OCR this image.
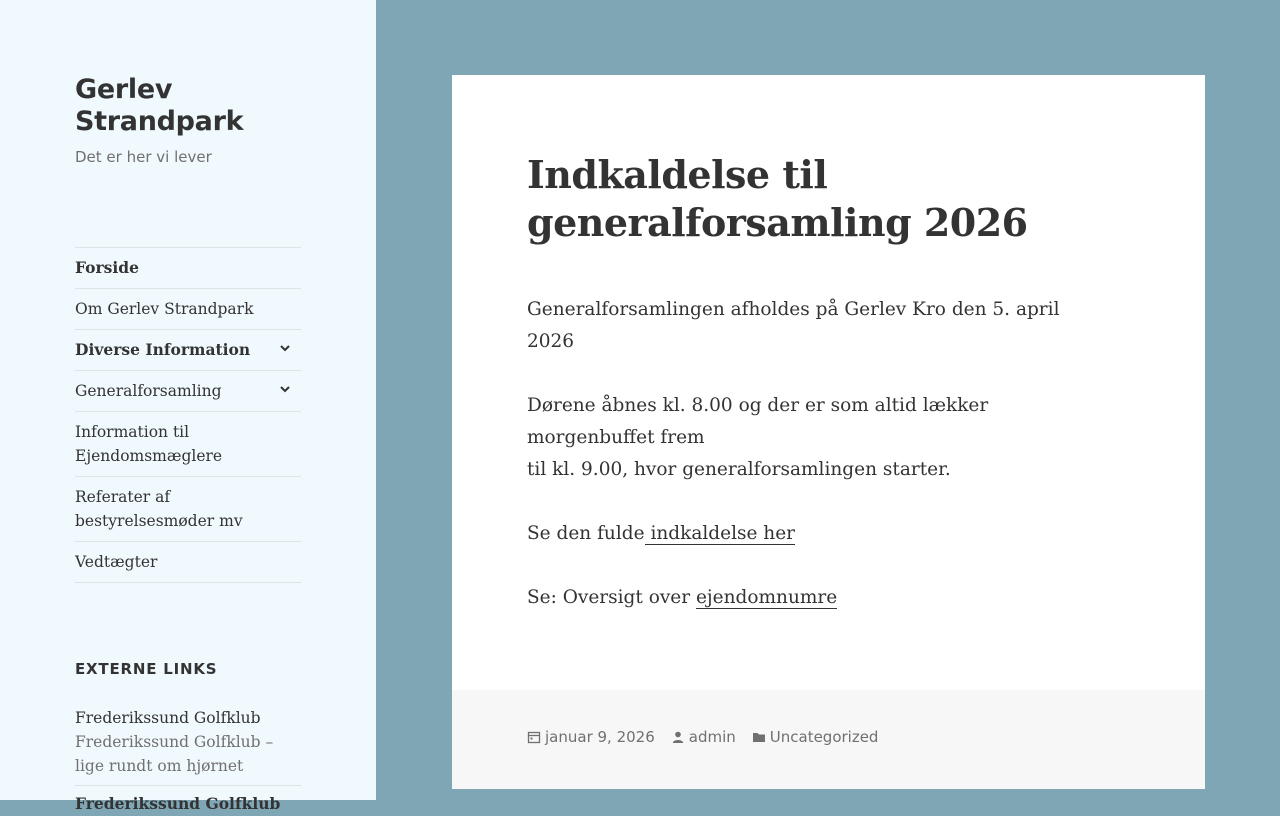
Gerlev Strandpark
Det er her vi lever
Forside
Om Gerlev Strandpark
Diverse Information
Generalforsamling
Information til Ejendomsmæglere
Referater af bestyrelsesmøder mv
Vedtægter
EXTERNE LINKS
Frederikssund Golfklub
Frederikssund Golfklub – lige rundt om hjørnet
Frederikssund Golfklub
Indkaldelse til generalforsamling 2026

Generalforsamlingen afholdes på Gerlev Kro den 5. april 2026

Dørene åbnes kl. 8.00 og der er som altid lækker morgenbuffet frem
til kl. 9.00, hvor generalforsamlingen starter.

Se den fulde indkaldelse her

Se: Oversigt over ejendomnumre

januar 9, 2026 admin Uncategorized
